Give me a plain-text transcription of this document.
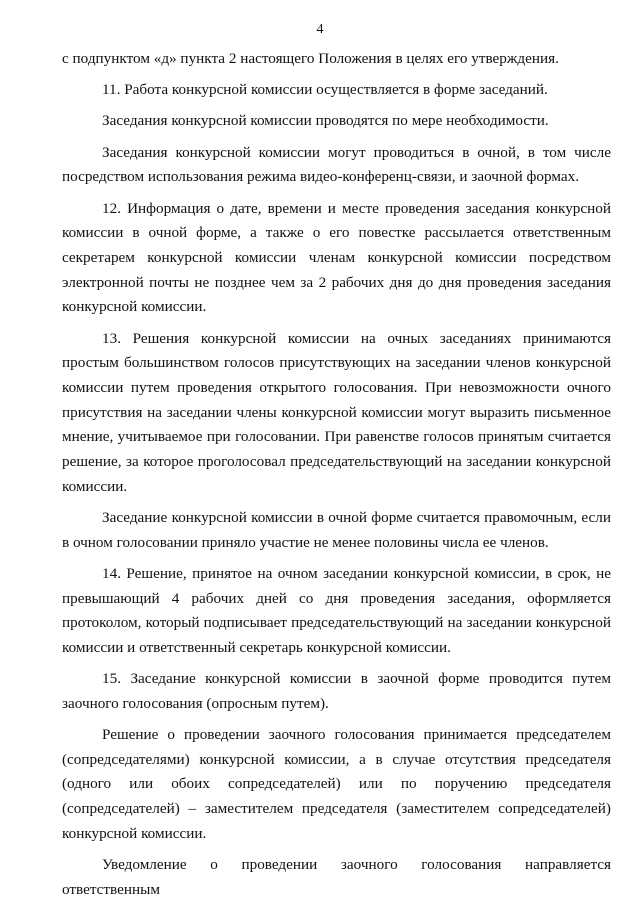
4

с подпунктом «д» пункта 2 настоящего Положения в целях его утверждения.

11. Работа конкурсной комиссии осуществляется в форме заседаний.

Заседания конкурсной комиссии проводятся по мере необходимости.

Заседания конкурсной комиссии могут проводиться в очной, в том числе посредством использования режима видео-конференц-связи, и заочной формах.

12. Информация о дате, времени и месте проведения заседания конкурсной комиссии в очной форме, а также о его повестке рассылается ответственным секретарем конкурсной комиссии членам конкурсной комиссии посредством электронной почты не позднее чем за 2 рабочих дня до дня проведения заседания конкурсной комиссии.

13. Решения конкурсной комиссии на очных заседаниях принимаются простым большинством голосов присутствующих на заседании членов конкурсной комиссии путем проведения открытого голосования. При невозможности очного присутствия на заседании члены конкурсной комиссии могут выразить письменное мнение, учитываемое при голосовании. При равенстве голосов принятым считается решение, за которое проголосовал председательствующий на заседании конкурсной комиссии.

Заседание конкурсной комиссии в очной форме считается правомочным, если в очном голосовании приняло участие не менее половины числа ее членов.

14. Решение, принятое на очном заседании конкурсной комиссии, в срок, не превышающий 4 рабочих дней со дня проведения заседания, оформляется протоколом, который подписывает председательствующий на заседании конкурсной комиссии и ответственный секретарь конкурсной комиссии.

15. Заседание конкурсной комиссии в заочной форме проводится путем заочного голосования (опросным путем).

Решение о проведении заочного голосования принимается председателем (сопредседателями) конкурсной комиссии, а в случае отсутствия председателя (одного или обоих сопредседателей) или по поручению председателя (сопредседателей) – заместителем председателя (заместителем сопредседателей) конкурсной комиссии.

Уведомление о проведении заочного голосования направляется ответственным
